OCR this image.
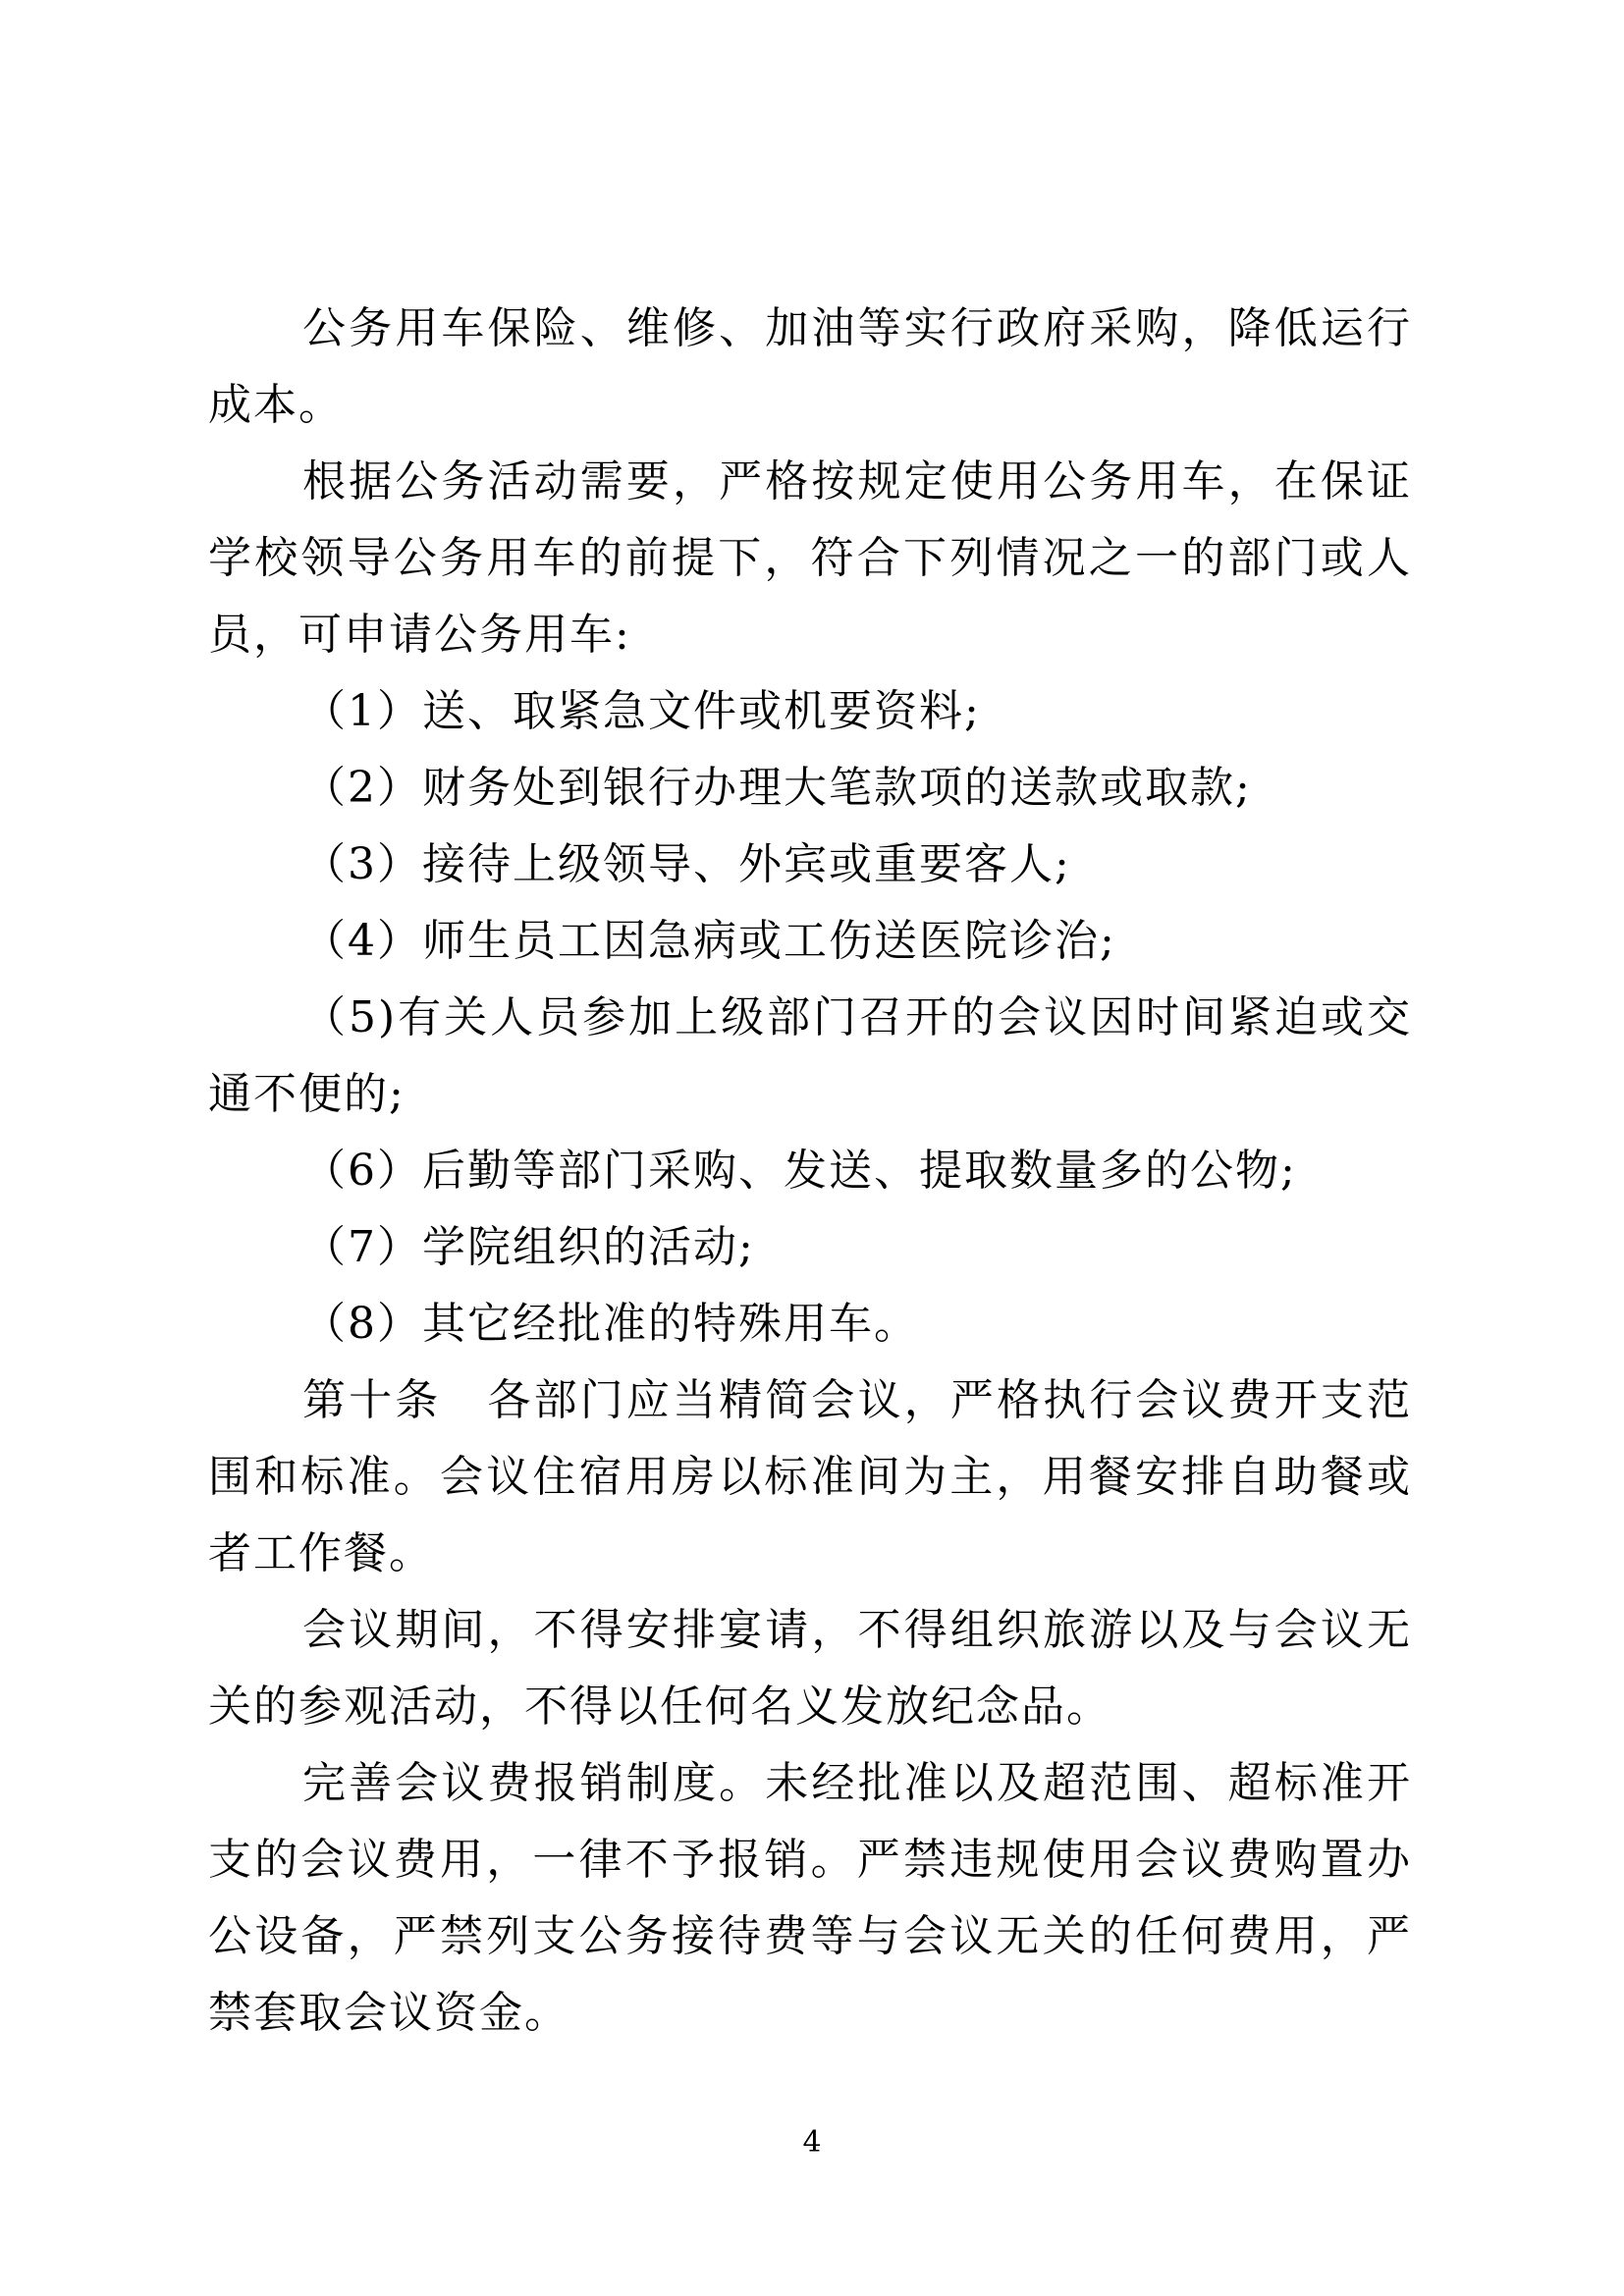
公务用车保险、维修、加油等实行政府采购，降低运行
成本。
根据公务活动需要，严格按规定使用公务用车，在保证
学校领导公务用车的前提下，符合下列情况之一的部门或人
员，可申请公务用车:
（1）送、取紧急文件或机要资料;
（2）财务处到银行办理大笔款项的送款或取款;
（3）接待上级领导、外宾或重要客人;
（4）师生员工因急病或工伤送医院诊治;
（5)有关人员参加上级部门召开的会议因时间紧迫或交
通不便的;
（6）后勤等部门采购、发送、提取数量多的公物;
（7）学院组织的活动;
（8）其它经批准的特殊用车。
第十条　各部门应当精简会议，严格执行会议费开支范
围和标准。会议住宿用房以标准间为主，用餐安排自助餐或
者工作餐。
会议期间，不得安排宴请，不得组织旅游以及与会议无
关的参观活动，不得以任何名义发放纪念品。
完善会议费报销制度。未经批准以及超范围、超标准开
支的会议费用，一律不予报销。严禁违规使用会议费购置办
公设备，严禁列支公务接待费等与会议无关的任何费用，严
禁套取会议资金。
4
